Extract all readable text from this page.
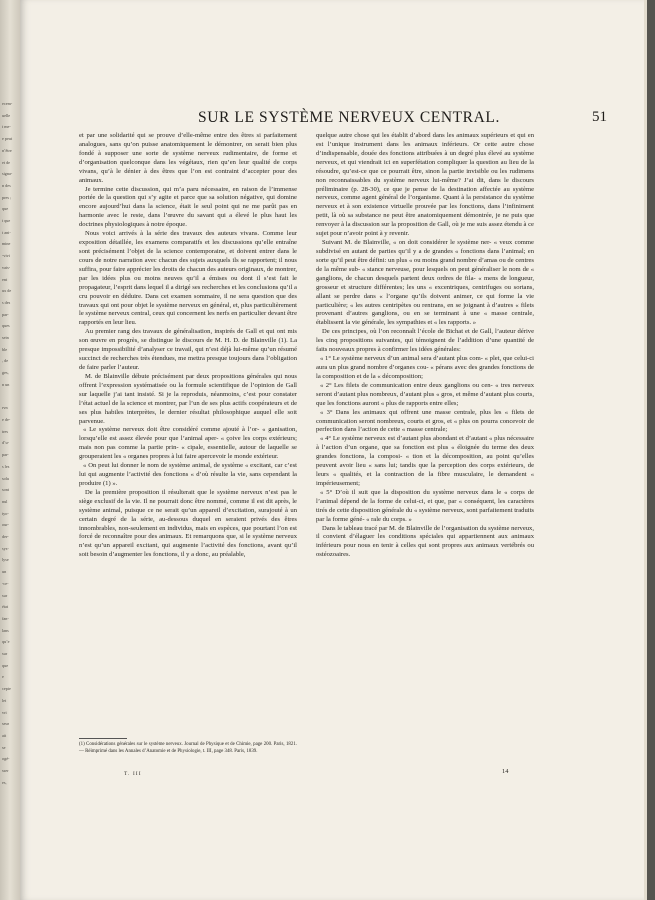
ecem-
uelle
t me-
e peut
n’être
et de
signa-
n des
pres ;
que
t que
t ani-
mine
-vivi
vais-
ent
ux de
s des
par-
ques
sein
ble
, de
ges,
n un

rvn
e de-
tres
d’u-
par-
s les
solu
sont
nul
tyo-
our-
der-
sys-
lyse
un
-ce-
sur
état
fan-
lans
qu’e
sur
que
e
cepte
let
vri
seur
ait
se
ogé-
sser
es,
SUR LE SYSTÈME NERVEUX CENTRAL.	51

et par une solidarité qui se prouve d’elle-même entre des êtres si parfaitement analogues, sans qu’on puisse anatomiquement le démontrer, on serait bien plus fondé à supposer une sorte de système nerveux rudimentaire, de forme et d’organisation quelconque dans les végétaux, rien qu’en leur qualité de corps vivans, qu’à le dénier à des êtres que l’on est contraint d’accepter pour des animaux.

Je termine cette discussion, qui m’a paru nécessaire, en raison de l’immense portée de la question qui s’y agite et parce que sa solution négative, qui domine encore aujourd’hui dans la science, était le seul point qui ne me parût pas en harmonie avec le reste, dans l’œuvre du savant qui a élevé le plus haut les doctrines physiologiques à notre époque.

Nous voici arrivés à la série des travaux des auteurs vivans. Comme leur exposition détaillée, les examens comparatifs et les discussions qu’elle entraîne sont précisément l’objet de la science contemporaine, et doivent entrer dans le cours de notre narration avec chacun des sujets auxquels ils se rapportent; il nous suffira, pour faire apprécier les droits de chacun des auteurs originaux, de montrer, par les idées plus ou moins neuves qu’il a émises ou dont il s’est fait le propagateur, l’esprit dans lequel il a dirigé ses recherches et les conclusions qu’il a cru pouvoir en déduire. Dans cet examen sommaire, il ne sera question que des travaux qui ont pour objet le système nerveux en général, et, plus particulièrement le système nerveux central, ceux qui concernent les nerfs en particulier devant être rapportés en leur lieu.

Au premier rang des travaux de généralisation, inspirés de Gall et qui ont mis son œuvre en progrès, se distingue le discours de M. H. D. de Blainville (1). La presque impossibilité d’analyser ce travail, qui n’est déjà lui-même qu’un résumé succinct de recherches très étendues, me mettra presque toujours dans l’obligation de faire parler l’auteur.

M. de Blainville débute précisément par deux propositions générales qui nous offrent l’expression systématisée ou la formule scientifique de l’opinion de Gall sur laquelle j’ai tant insisté. Si je la reproduis, néanmoins, c’est pour constater l’état actuel de la science et montrer, par l’un de ses plus actifs coopérateurs et de ses plus habiles interprètes, le dernier résultat philosophique auquel elle soit parvenue.

« Le système nerveux doit être considéré comme ajouté à l’or- « ganisation, lorsqu’elle est assez élevée pour que l’animal aper- « çoive les corps extérieurs; mais non pas comme la partie prin- « cipale, essentielle, autour de laquelle se grouperaient les « organes propres à lui faire apercevoir le monde extérieur.

« On peut lui donner le nom de système animal, de système « excitant, car c’est lui qui augmente l’activité des fonctions « d’où résulte la vie, sans cependant la produire (1) ».

De la première proposition il résulterait que le système nerveux n’est pas le siège exclusif de la vie. Il ne pourrait donc être nommé, comme il est dit après, le système animal, puisque ce ne serait qu’un appareil d’excitation, surajouté à un certain degré de la série, au-dessous duquel en seraient privés des êtres innombrables, non-seulement en individus, mais en espèces, que pourtant l’on est forcé de reconnaître pour des animaux. Et remarquons que, si le système nerveux n’est qu’un appareil excitant, qui augmente l’activité des fonctions, avant qu’il soit besoin d’augmenter les fonctions, il y a donc, au préalable,

quelque autre chose qui les établit d’abord dans les animaux supérieurs et qui en est l’unique instrument dans les animaux inférieurs. Or cette autre chose d’indispensable, douée des fonctions attribuées à un degré plus élevé au système nerveux, et qui viendrait ici en superfétation compliquer la question au lieu de la résoudre, qu’est-ce que ce pourrait être, sinon la partie invisible ou les rudimens non reconnaissables du système nerveux lui-même? J’ai dit, dans le discours préliminaire (p. 28-30), ce que je pense de la destination affectée au système nerveux, comme agent général de l’organisme. Quant à la persistance du système nerveux et à son existence virtuelle prouvée par les fonctions, dans l’infiniment petit, là où sa substance ne peut être anatomiquement démontrée, je ne puis que renvoyer à la discussion sur la proposition de Gall, où je me suis assez étendu à ce sujet pour n’avoir point à y revenir.

Suivant M. de Blainville, « on doit considérer le système ner- « veux comme subdivisé en autant de parties qu’il y a de grandes « fonctions dans l’animal; en sorte qu’il peut être défini: un plus « ou moins grand nombre d’amas ou de centres de la même sub- « stance nerveuse, pour lesquels on peut généraliser le nom de « ganglions, de chacun desquels partent deux ordres de fila- « mens de longueur, grosseur et structure différentes; les uns « excentriques, centrifuges ou sortans, allant se perdre dans « l’organe qu’ils doivent animer, ce qui forme la vie particulière; « les autres centripètes ou rentrans, en se joignant à d’autres « filets provenant d’autres ganglions, ou en se terminant à une « masse centrale, établissent la vie générale, les sympathies et « les rapports. »

De ces principes, où l’on reconnaît l’école de Bichat et de Gall, l’auteur dérive les cinq propositions suivantes, qui témoignent de l’addition d’une quantité de faits nouveaux propres à confirmer les idées générales:

« 1° Le système nerveux d’un animal sera d’autant plus com- « plet, que celui-ci aura un plus grand nombre d’organes cou- « pérans avec des grandes fonctions de la composition et de la « décomposition;

« 2° Les filets de communication entre deux ganglions ou cen- « tres nerveux seront d’autant plus nombreux, d’autant plus « gros, et même d’autant plus courts, que les fonctions auront « plus de rapports entre elles;

« 3° Dans les animaux qui offrent une masse centrale, plus les « filets de communication seront nombreux, courts et gros, et « plus on pourra concevoir de perfection dans l’action de cette « masse centrale;

« 4° Le système nerveux est d’autant plus abondant et d’autant « plus nécessaire à l’action d’un organe, que sa fonction est plus « éloignée du terme des deux grandes fonctions, la composi- « tion et la décomposition, au point qu’elles peuvent avoir lieu « sans lui; tandis que la perception des corps extérieurs, de leurs « qualités, et la contraction de la fibre musculaire, le demandent « impérieusement;

« 5° D’où il suit que la disposition du système nerveux dans le « corps de l’animal dépend de la forme de celui-ci, et que, par « conséquent, les caractères tirés de cette disposition générale du « système nerveux, sont parfaitement traduits par la forme géné- « rale du corps. »

Dans le tableau tracé par M. de Blainville de l’organisation du système nerveux, il convient d’élaguer les conditions spéciales qui appartiennent aux animaux inférieurs pour nous en tenir à celles qui sont propres aux animaux vertébrés ou ostéozoaires.

(1) Considérations générales sur le système nerveux. Journal de Physique et de Chimie, page 200. Paris, 1821. — Réimprimé dans les Annales d’Anatomie et de Physiologie, t. III, page 348. Paris, 1839.
T. III	14
